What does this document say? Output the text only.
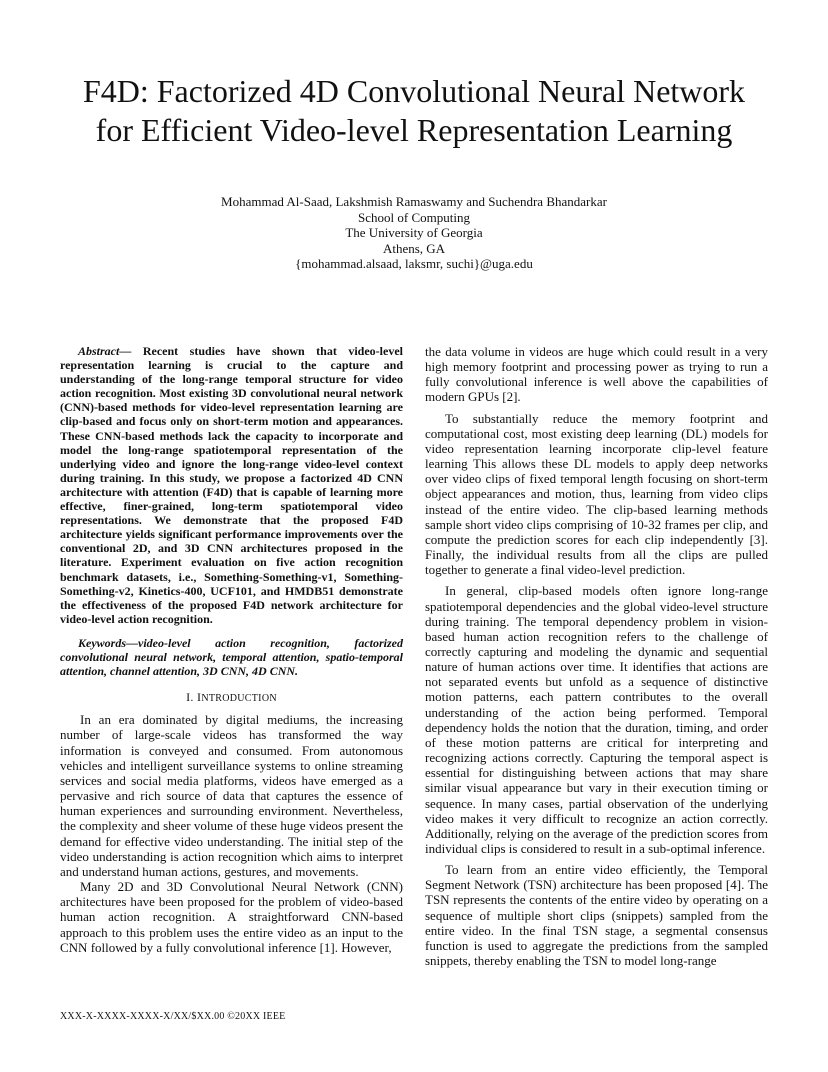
F4D: Factorized 4D Convolutional Neural Network
for Efficient Video-level Representation Learning
Mohammad Al-Saad, Lakshmish Ramaswamy and Suchendra Bhandarkar
School of Computing
The University of Georgia
Athens, GA
{mohammad.alsaad, laksmr, suchi}@uga.edu

Abstract— Recent studies have shown that video-level representation learning is crucial to the capture and understanding of the long-range temporal structure for video action recognition. Most existing 3D convolutional neural network (CNN)-based methods for video-level representation learning are clip-based and focus only on short-term motion and appearances. These CNN-based methods lack the capacity to incorporate and model the long-range spatiotemporal representation of the underlying video and ignore the long-range video-level context during training. In this study, we propose a factorized 4D CNN architecture with attention (F4D) that is capable of learning more effective, finer-grained, long-term spatiotemporal video representations. We demonstrate that the proposed F4D architecture yields significant performance improvements over the conventional 2D, and 3D CNN architectures proposed in the literature. Experiment evaluation on five action recognition benchmark datasets, i.e., Something-Something-v1, Something-Something-v2, Kinetics-400, UCF101, and HMDB51 demonstrate the effectiveness of the proposed F4D network architecture for video-level action recognition.

Keywords—video-level action recognition, factorized convolutional neural network, temporal attention, spatio-temporal attention, channel attention, 3D CNN, 4D CNN.

I. INTRODUCTION

In an era dominated by digital mediums, the increasing number of large-scale videos has transformed the way information is conveyed and consumed. From autonomous vehicles and intelligent surveillance systems to online streaming services and social media platforms, videos have emerged as a pervasive and rich source of data that captures the essence of human experiences and surrounding environment. Nevertheless, the complexity and sheer volume of these huge videos present the demand for effective video understanding. The initial step of the video understanding is action recognition which aims to interpret and understand human actions, gestures, and movements.

Many 2D and 3D Convolutional Neural Network (CNN) architectures have been proposed for the problem of video-based human action recognition. A straightforward CNN-based approach to this problem uses the entire video as an input to the CNN followed by a fully convolutional inference [1]. However,

the data volume in videos are huge which could result in a very high memory footprint and processing power as trying to run a fully convolutional inference is well above the capabilities of modern GPUs [2].

To substantially reduce the memory footprint and computational cost, most existing deep learning (DL) models for video representation learning incorporate clip-level feature learning This allows these DL models to apply deep networks over video clips of fixed temporal length focusing on short-term object appearances and motion, thus, learning from video clips instead of the entire video. The clip-based learning methods sample short video clips comprising of 10-32 frames per clip, and compute the prediction scores for each clip independently [3]. Finally, the individual results from all the clips are pulled together to generate a final video-level prediction.

In general, clip-based models often ignore long-range spatiotemporal dependencies and the global video-level structure during training. The temporal dependency problem in vision-based human action recognition refers to the challenge of correctly capturing and modeling the dynamic and sequential nature of human actions over time. It identifies that actions are not separated events but unfold as a sequence of distinctive motion patterns, each pattern contributes to the overall understanding of the action being performed. Temporal dependency holds the notion that the duration, timing, and order of these motion patterns are critical for interpreting and recognizing actions correctly. Capturing the temporal aspect is essential for distinguishing between actions that may share similar visual appearance but vary in their execution timing or sequence. In many cases, partial observation of the underlying video makes it very difficult to recognize an action correctly. Additionally, relying on the average of the prediction scores from individual clips is considered to result in a sub-optimal inference.

To learn from an entire video efficiently, the Temporal Segment Network (TSN) architecture has been proposed [4]. The TSN represents the contents of the entire video by operating on a sequence of multiple short clips (snippets) sampled from the entire video. In the final TSN stage, a segmental consensus function is used to aggregate the predictions from the sampled snippets, thereby enabling the TSN to model long-range

XXX-X-XXXX-XXXX-X/XX/$XX.00 ©20XX IEEE
